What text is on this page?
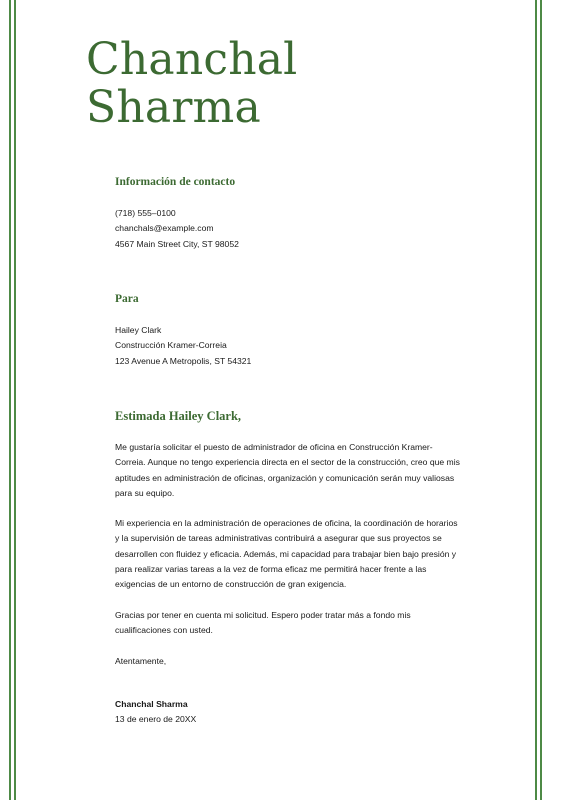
Chanchal
Sharma
Información de contacto
(718) 555–0100
chanchals@example.com
4567 Main Street City, ST 98052
Para
Hailey Clark
Construcción Kramer-Correia
123 Avenue A Metropolis, ST 54321
Estimada Hailey Clark,
Me gustaría solicitar el puesto de administrador de oficina en Construcción Kramer-
Correia. Aunque no tengo experiencia directa en el sector de la construcción, creo que mis
aptitudes en administración de oficinas, organización y comunicación serán muy valiosas
para su equipo.
Mi experiencia en la administración de operaciones de oficina, la coordinación de horarios
y la supervisión de tareas administrativas contribuirá a asegurar que sus proyectos se
desarrollen con fluidez y eficacia. Además, mi capacidad para trabajar bien bajo presión y
para realizar varias tareas a la vez de forma eficaz me permitirá hacer frente a las
exigencias de un entorno de construcción de gran exigencia.
Gracias por tener en cuenta mi solicitud. Espero poder tratar más a fondo mis
cualificaciones con usted.
Atentamente,
Chanchal Sharma
13 de enero de 20XX
